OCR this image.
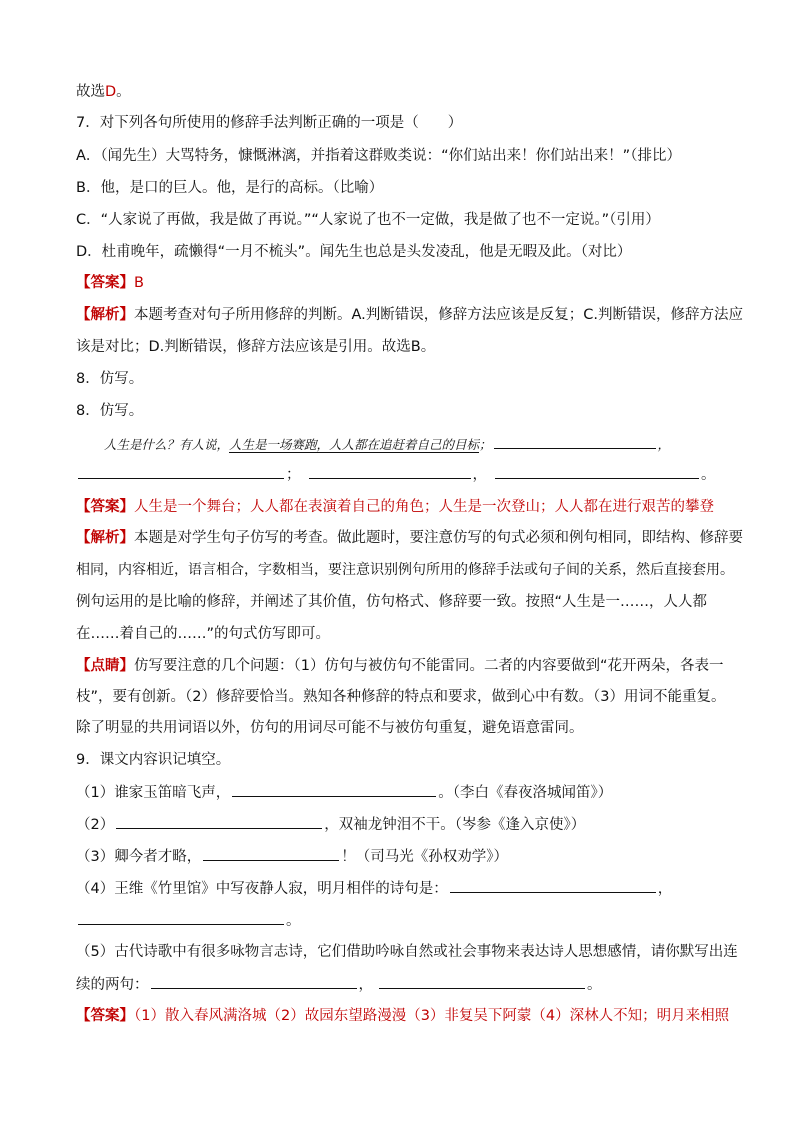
故选D。
7．对下列各句所使用的修辞手法判断正确的一项是（　　）
A．（闻先生）大骂特务，慷慨淋漓，并指着这群败类说：“你们站出来！你们站出来！”（排比）
B．他，是口的巨人。他，是行的高标。（比喻）
C．“人家说了再做，我是做了再说。”“人家说了也不一定做，我是做了也不一定说。”（引用）
D．杜甫晚年，疏懒得“一月不梳头”。闻先生也总是头发凌乱，他是无暇及此。（对比）
【答案】B
【解析】本题考查对句子所用修辞的判断。A.判断错误，修辞方法应该是反复；C.判断错误，修辞方法应
该是对比；D.判断错误，修辞方法应该是引用。故选B。
8．仿写。
8．仿写。
人生是什么？有人说，人生是一场赛跑，人人都在追赶着自己的目标；	，
；	，	。
【答案】人生是一个舞台；人人都在表演着自己的角色；人生是一次登山；人人都在进行艰苦的攀登
【解析】本题是对学生句子仿写的考查。做此题时，要注意仿写的句式必须和例句相同，即结构、修辞要
相同，内容相近，语言相合，字数相当，要注意识别例句所用的修辞手法或句子间的关系，然后直接套用。
例句运用的是比喻的修辞，并阐述了其价值，仿句格式、修辞要一致。按照“人生是一……，人人都
在……着自己的……”的句式仿写即可。
【点睛】仿写要注意的几个问题：（1）仿句与被仿句不能雷同。二者的内容要做到“花开两朵，各表一
枝”，要有创新。（2）修辞要恰当。熟知各种修辞的特点和要求，做到心中有数。（3）用词不能重复。
除了明显的共用词语以外，仿句的用词尽可能不与被仿句重复，避免语意雷同。
9．课文内容识记填空。
（1）谁家玉笛暗飞声，	。（李白《春夜洛城闻笛》）
（2）	，双袖龙钟泪不干。（岑参《逢入京使》）
（3）卿今者才略，	！（司马光《孙权劝学》）
（4）王维《竹里馆》中写夜静人寂，明月相伴的诗句是：	，
。
（5）古代诗歌中有很多咏物言志诗，它们借助吟咏自然或社会事物来表达诗人思想感情，请你默写出连
续的两句：	，	。
【答案】（1）散入春风满洛城（2）故园东望路漫漫（3）非复吴下阿蒙（4）深林人不知；明月来相照
